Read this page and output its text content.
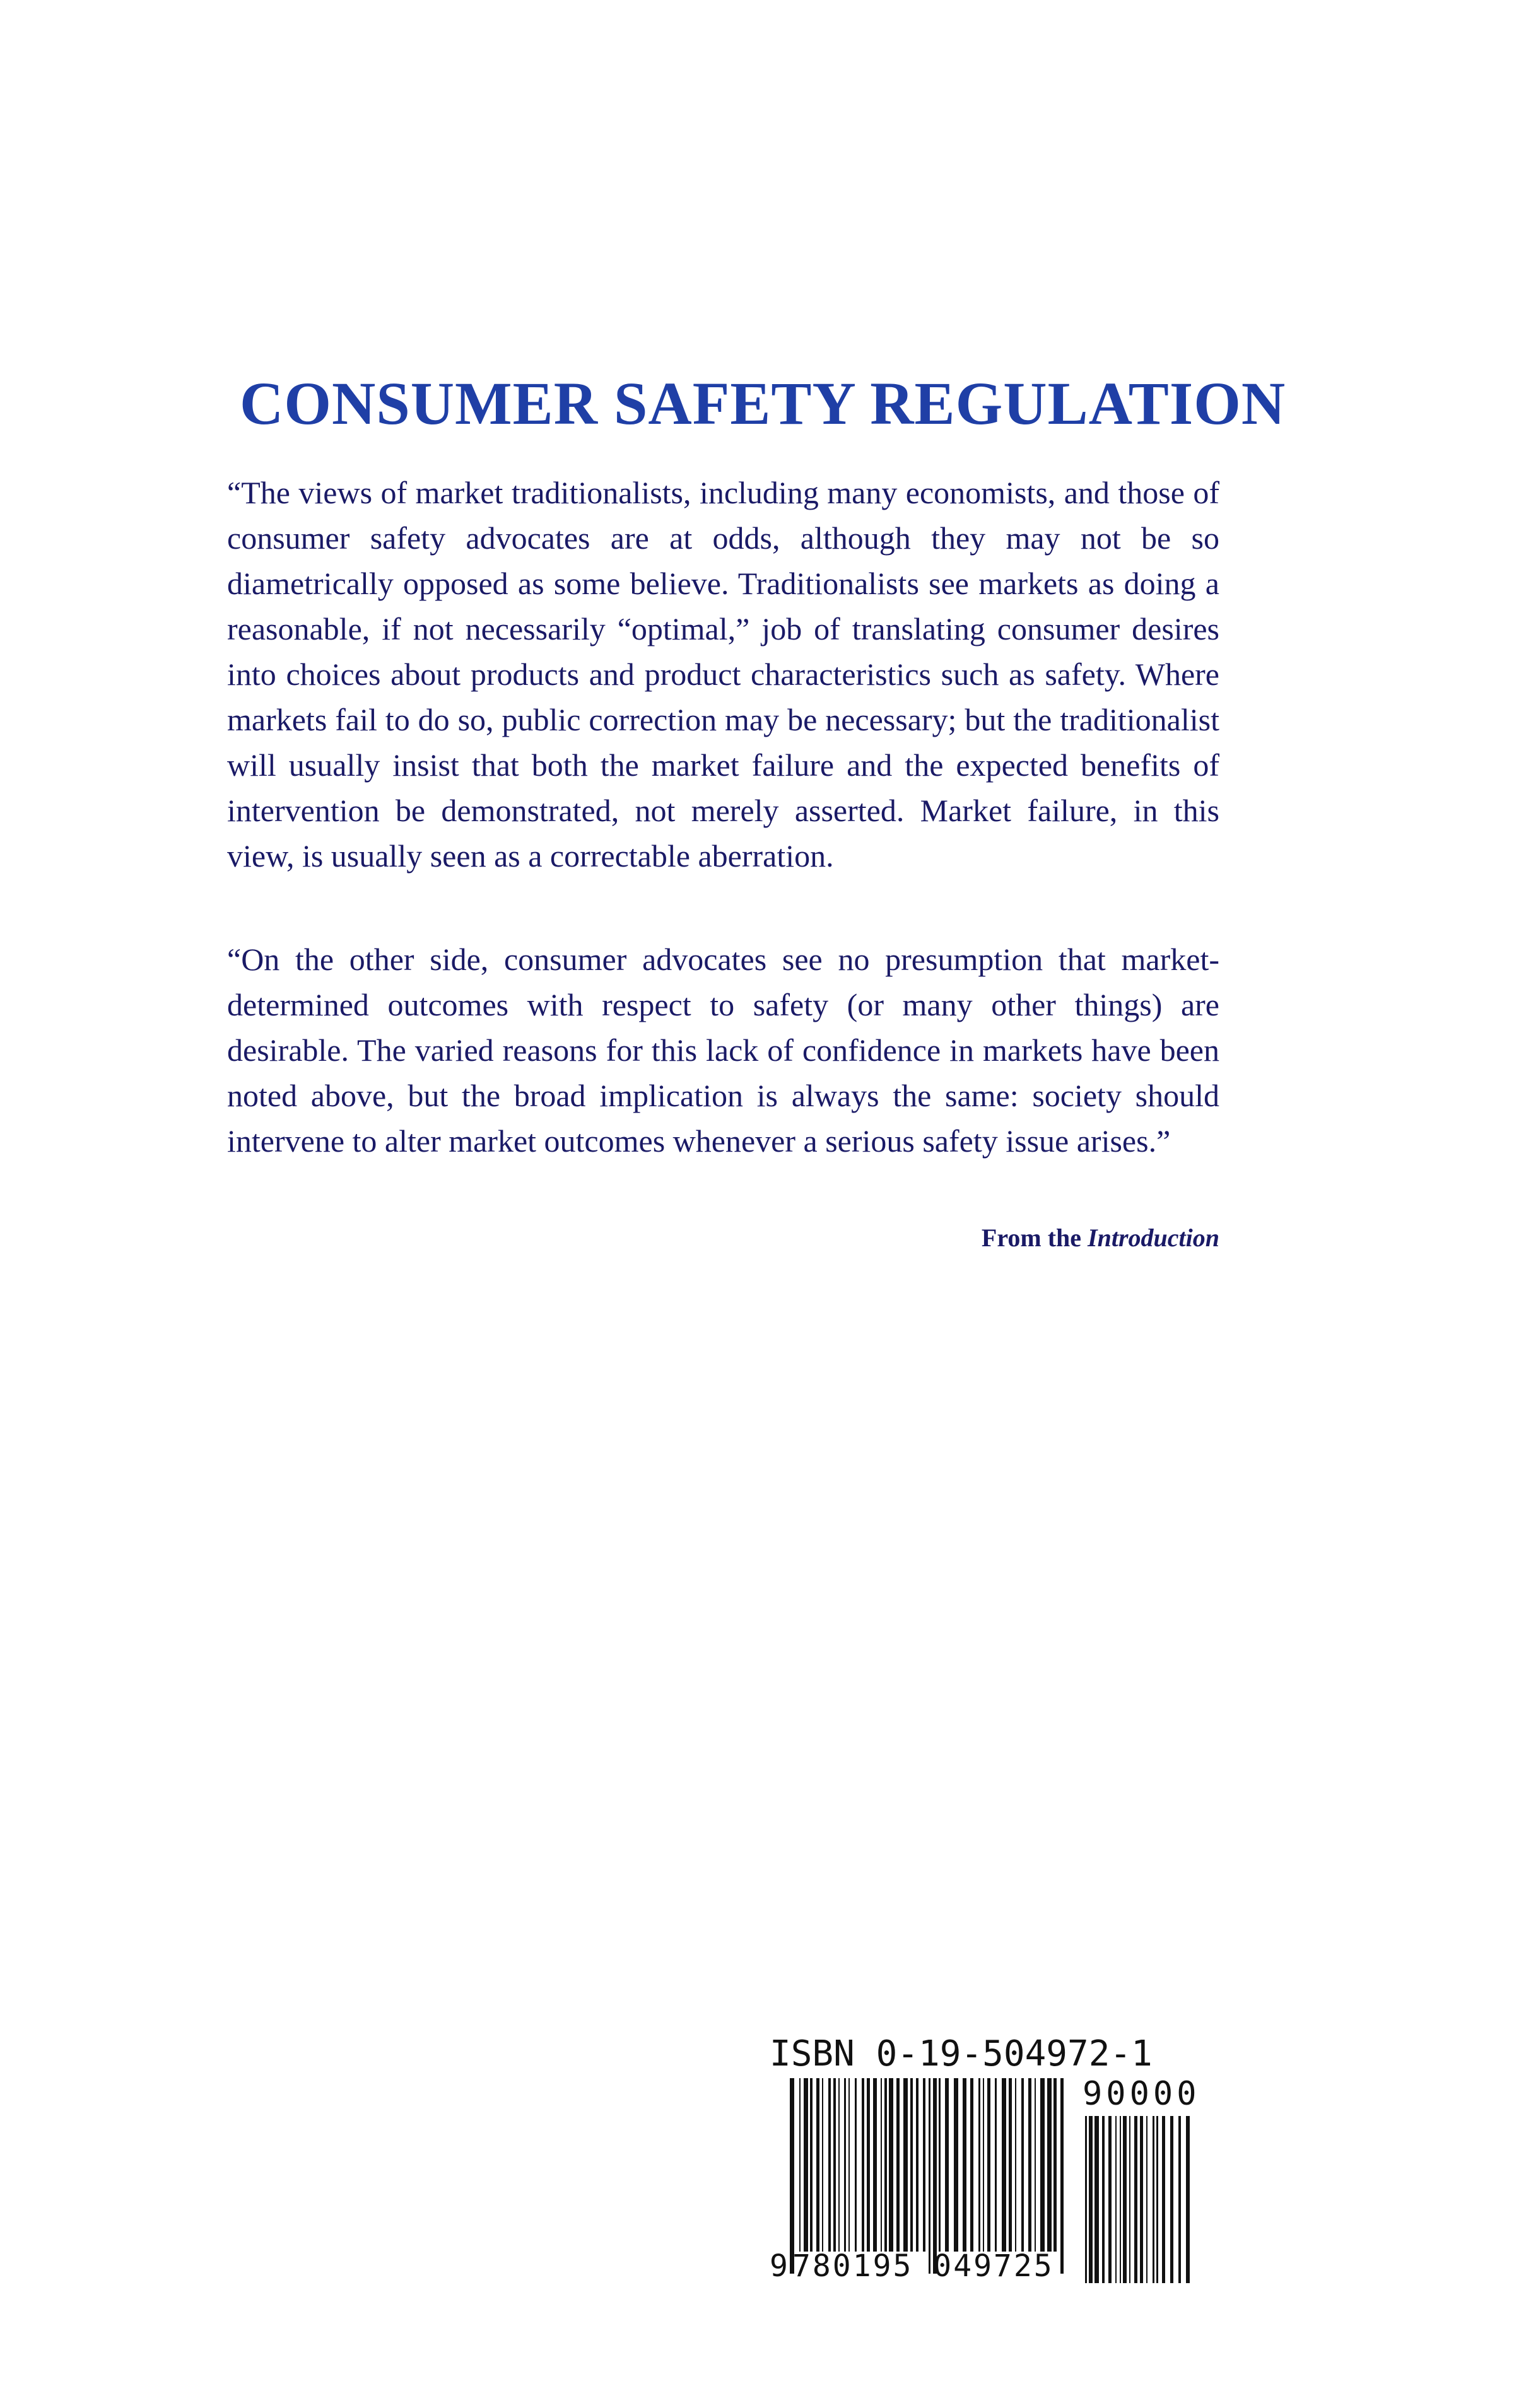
CONSUMER SAFETY REGULATION

“The views of market traditionalists, including many economists, and those of consumer safety advocates are at odds, although they may not be so diametrically opposed as some believe. Traditionalists see markets as doing a reasonable, if not necessarily “optimal,” job of translating consumer desires into choices about products and product characteristics such as safety. Where markets fail to do so, public correction may be necessary; but the traditionalist will usually insist that both the market failure and the expected benefits of intervention be demonstrated, not merely asserted. Market failure, in this view, is usually seen as a correctable aberration.

“On the other side, consumer advocates see no presumption that market-determined outcomes with respect to safety (or many other things) are desirable. The varied reasons for this lack of confidence in markets have been noted above, but the broad implication is always the same: society should intervene to alter market outcomes whenever a serious safety issue arises.”

From the Introduction

ISBN 0-19-504972-1
90000

9

780195 049725
